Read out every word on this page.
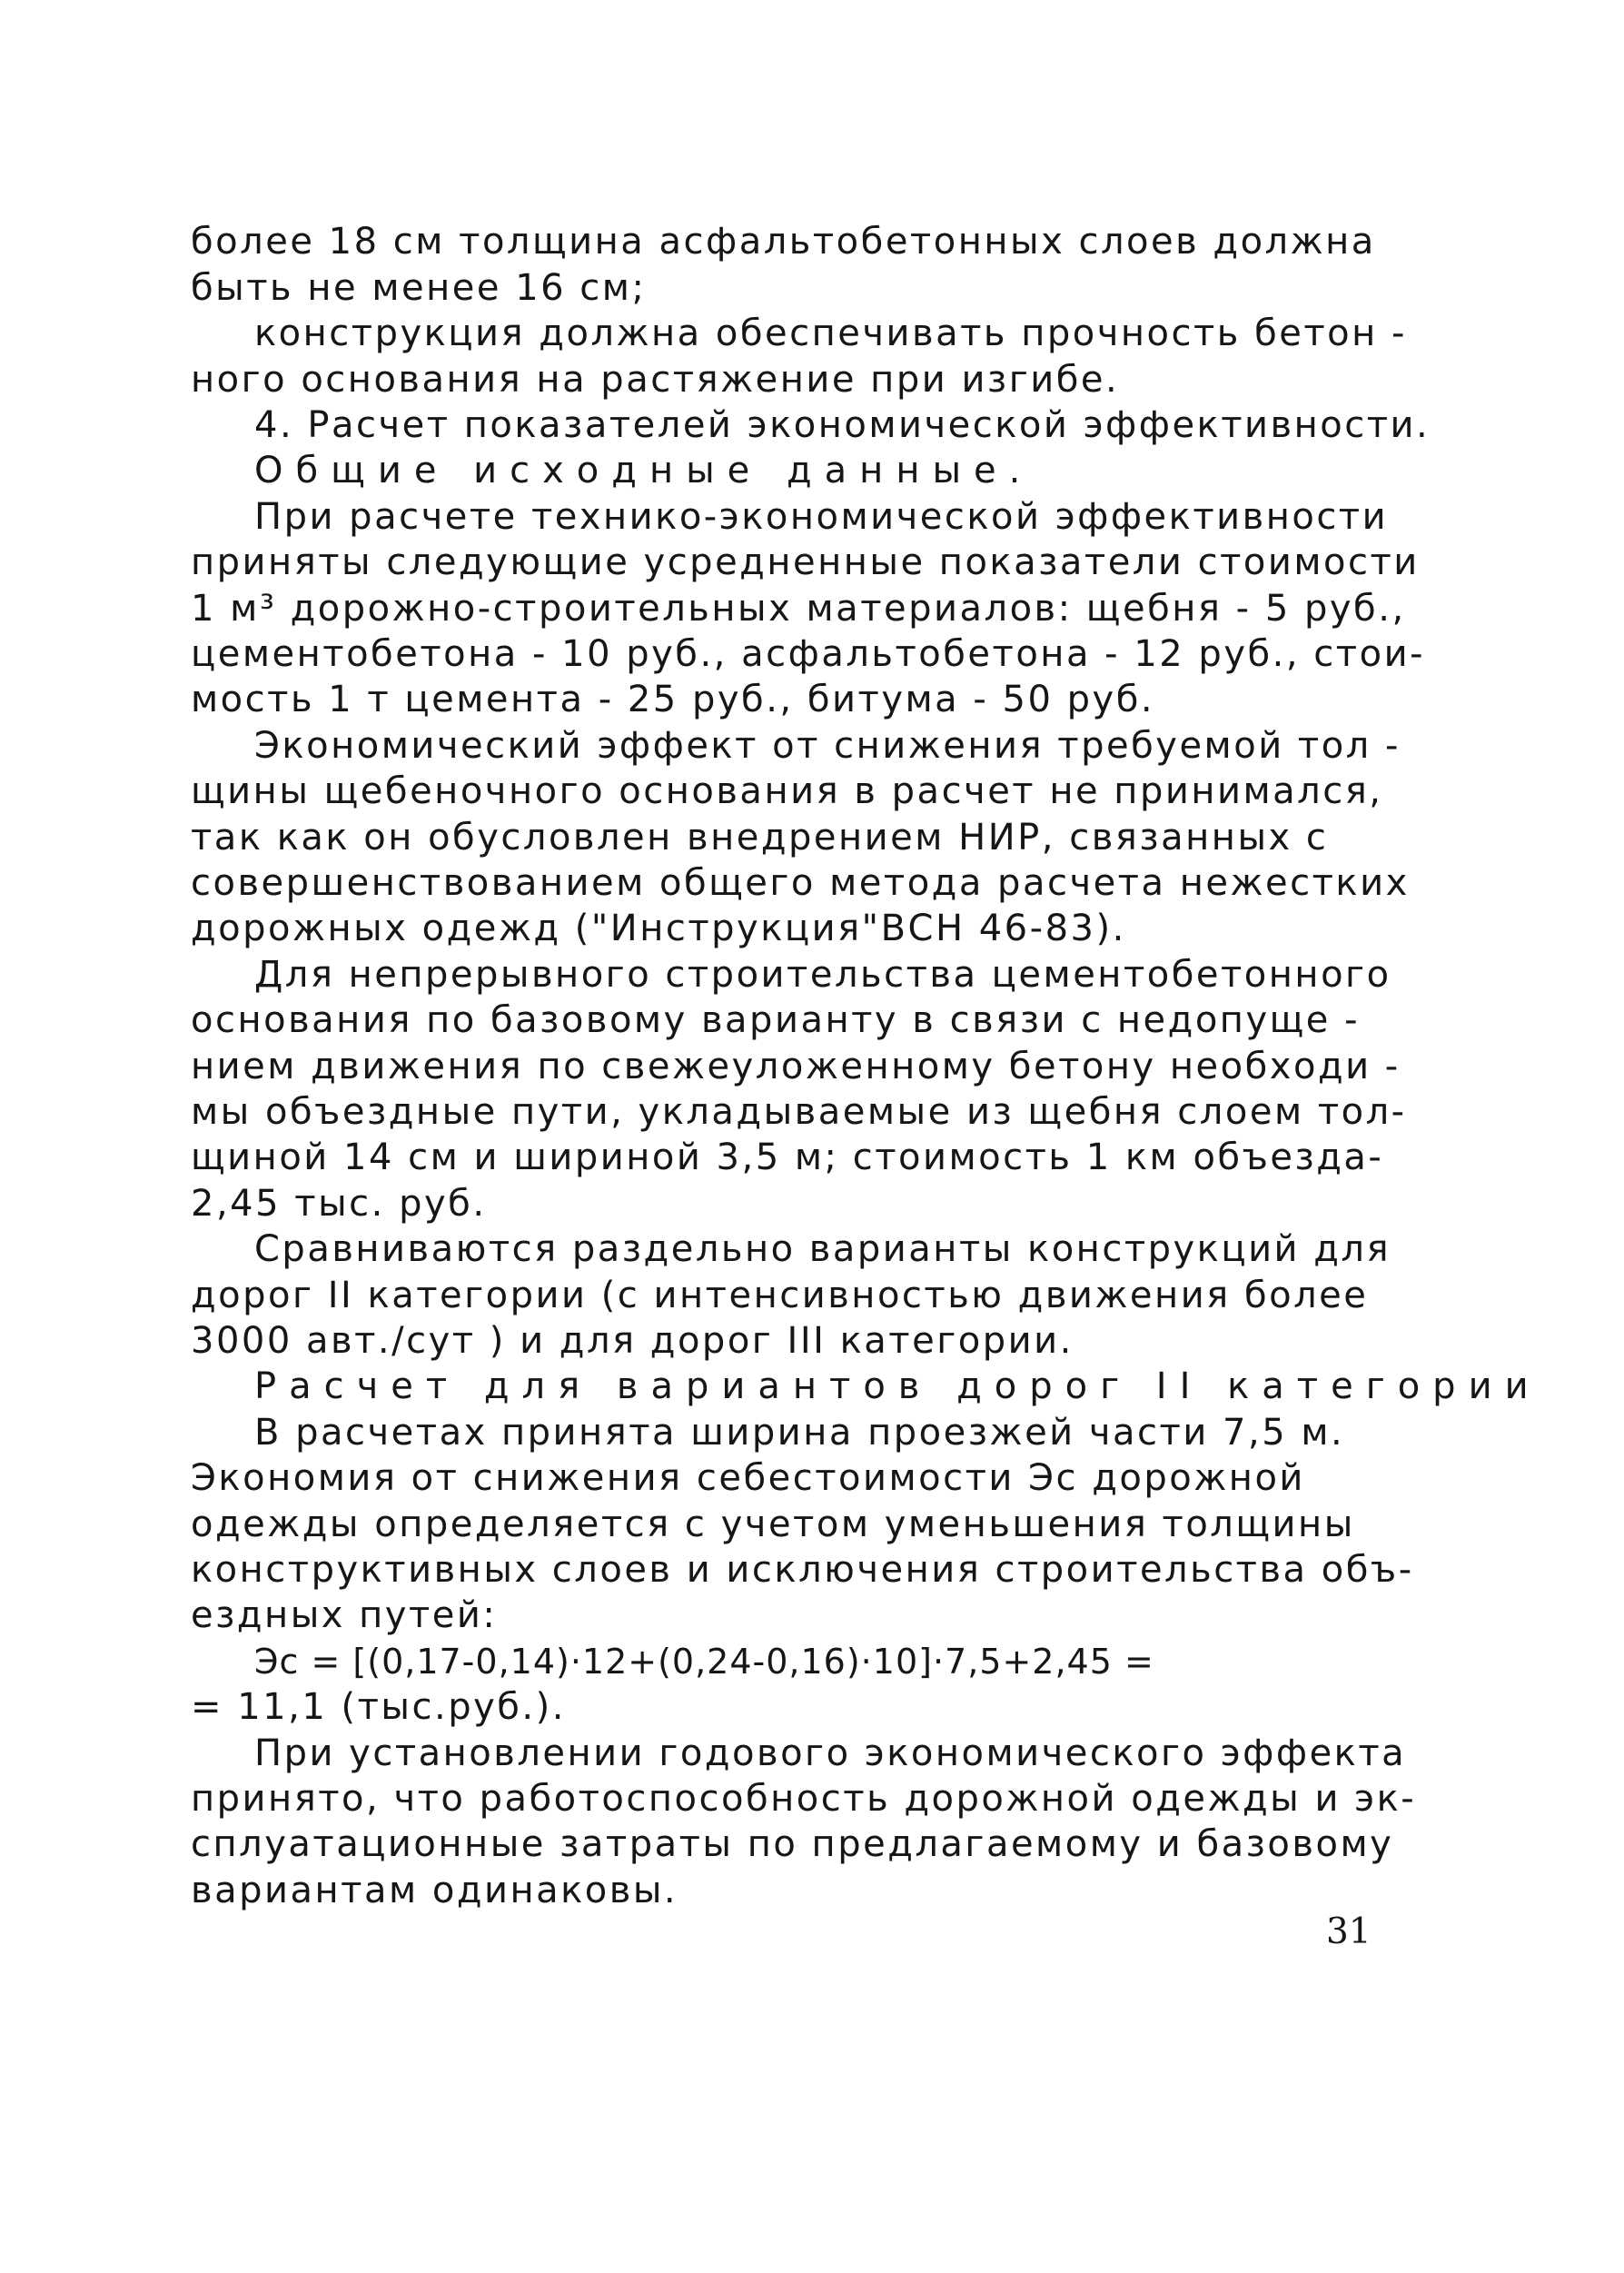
более 18 см толщина асфальтобетонных слоев должна
быть не менее 16 см;
конструкция должна обеспечивать прочность бетон -
ного основания на растяжение при изгибе.
4. Расчет показателей экономической эффективности.
Общие исходные данные.
При расчете технико-экономической эффективности
приняты следующие усредненные показатели стоимости
1 м³ дорожно-строительных материалов: щебня - 5 руб.,
цементобетона - 10 руб., асфальтобетона - 12 руб., стои-
мость 1 т цемента - 25 руб., битума - 50 руб.
Экономический эффект от снижения требуемой тол -
щины щебеночного основания в расчет не принимался,
так как он обусловлен внедрением НИР, связанных с
совершенствованием общего метода расчета нежестких
дорожных одежд ("Инструкция"ВСН 46-83).
Для непрерывного строительства цементобетонного
основания по базовому варианту в связи с недопуще -
нием движения по свежеуложенному бетону необходи -
мы объездные пути, укладываемые из щебня слоем тол-
щиной 14 см и шириной 3,5 м; стоимость 1 км объезда-
2,45 тыс. руб.
Сравниваются раздельно варианты конструкций для
дорог II категории (с интенсивностью движения более
3000 авт./сут ) и для дорог III категории.
Расчет для вариантов дорог II категории
В расчетах принята ширина проезжей части 7,5 м.
Экономия от снижения себестоимости Эс дорожной
одежды определяется с учетом уменьшения толщины
конструктивных слоев и исключения строительства объ-
ездных путей:
Эс = [(0,17-0,14)·12+(0,24-0,16)·10]·7,5+2,45 =
= 11,1 (тыс.руб.).
При установлении годового экономического эффекта
принято, что работоспособность дорожной одежды и эк-
сплуатационные затраты по предлагаемому и базовому
вариантам одинаковы.
31
